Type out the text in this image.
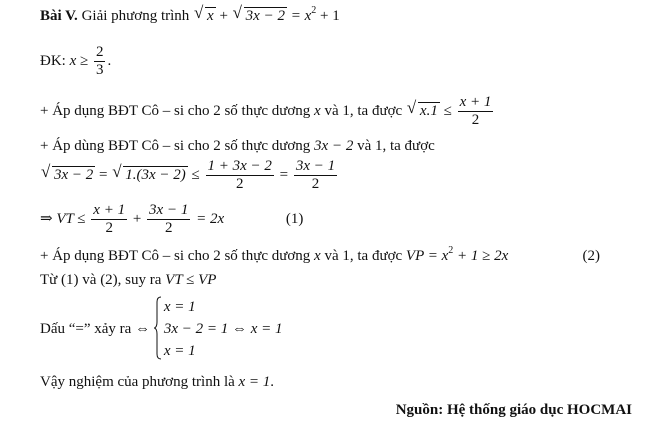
Bài V. Giải phương trình √ x + √ $3x - 2 = x^2 + 1$
ĐK: $x \ge \frac{2}{3}$ .
+ Áp dụng BĐT Cô – si cho 2 số thực dương x và 1, ta được √ $x.1 \le \frac{x + 1}{2}$
+ Áp dùng BĐT Cô – si cho 2 số thực dương 3x − 2 và 1, ta được
√ 3x − 2 = √ $1.(3x - 2) \le \frac{1 + 3x - 2}{2} = \frac{3x - 1}{2}$
⇒ VT ≤ $\frac{x + 1}{2} + \frac{3x - 1}{2} = 2x$	(1)
+ Áp dụng BĐT Cô – si cho 2 số thực dương x và 1, ta được VP = $x^2 + 1 \ge 2x$	(2)
Từ (1) và (2), suy ra VT ≤ VP
Dấu “=” xảy ra ⇔
x = 1
3x − 2 = 1 ⇔ x = 1
x = 1
Vậy nghiệm của phương trình là x = 1.
Nguồn: Hệ thống giáo dục HOCMAI
